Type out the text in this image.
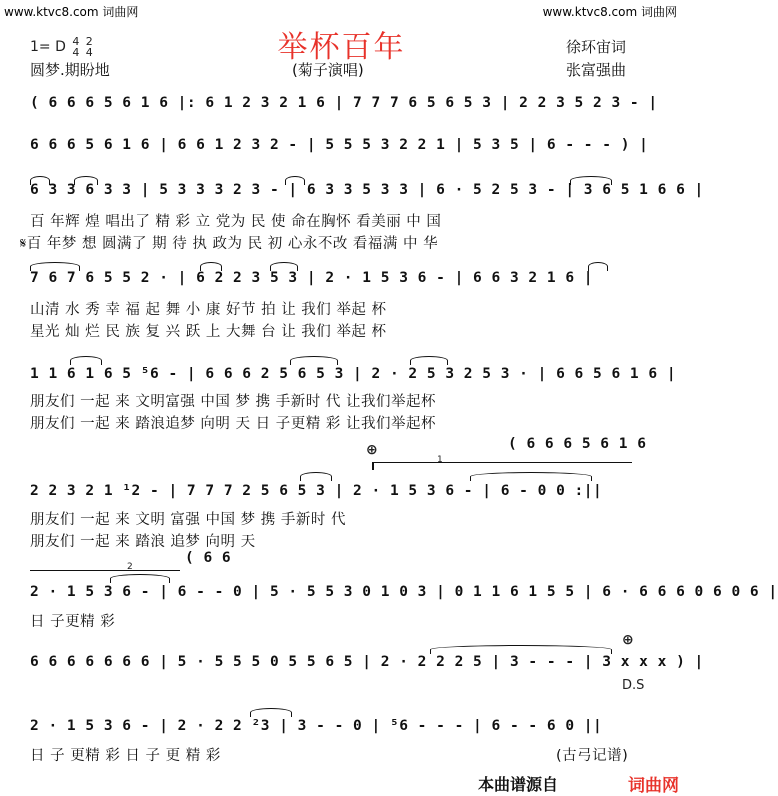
www.ktvc8.com 词曲网	www.ktvc8.com 词曲网
举杯百年
1= D 4
4

2
4	徐环宙词
圆梦.期盼地	(菊子演唱)	张富强曲
( 6 6 6 5 6 1 6 |: 6 1 2 3 2 1 6 | 7 7 7 6 5 6 5 3 | 2 2 3 5 2 3 - |
6 6 6 5 6 1 6 | 6 6 1 2 3 2 - | 5 5 5 3 2 2 1 | 5 3 5 | 6 - - - ) |
6 3 3 6 3 3 | 5 3 3 3 2 3 - | 6 3 3 5 3 3 | 6 · 5 2 5 3 - | 3 6 5 1 6 6 |
百 年辉 煌 唱出了 精 彩 立 党为 民 使 命在胸怀 看美丽 中 国
𝄋百 年梦 想 圆满了 期 待 执 政为 民 初 心永不改 看福满 中 华
7 6 7 6 5 5 2 · | 6 2 2 3 5 3 | 2 · 1 5 3 6 - | 6 6 3 2 1 6 |
山清 水 秀 幸 福 起 舞 小 康 好节 拍 让 我们 举起 杯
星光 灿 烂 民 族 复 兴 跃 上 大舞 台 让 我们 举起 杯
1 1 6 1 6 5 ⁵6 - | 6 6 6 2 5 6 5 3 | 2 · 2 5 3 2 5 3 · | 6 6 5 6 1 6 |
朋友们 一起 来 文明富强 中国 梦 携 手新时 代 让我们举起杯
朋友们 一起 来 踏浪追梦 向明 天 日 子更精 彩 让我们举起杯
⊕
1
( 6 6 6 5 6 1 6
2 2 3 2 1 ¹2 - | 7 7 7 2 5 6 5 3 | 2 · 1 5 3 6 - | 6 - 0 0 :||
朋友们 一起 来 文明 富强 中国 梦 携 手新时 代
朋友们 一起 来 踏浪 追梦 向明 天
( 6 6
2
2 · 1 5 3 6 - | 6 - - 0 | 5 · 5 5 3 0 1 0 3 | 0 1 1 6 1 5 5 | 6 · 6 6 6 0 6 0 6 |
日 子更精 彩
⊕
6 6 6 6 6 6 6 | 5 · 5 5 5 0 5 5 6 5 | 2 · 2 2 2 5 | 3 - - - | 3 x x x ) |
D.S
2 · 1 5 3 6 - | 2 · 2 2 ²3 | 3 - - 0 | ⁵6 - - - | 6 - - 6 0 ||
日 子 更精 彩 日 子 更 精 彩	(古弓记谱)
本曲谱源自	词曲网
